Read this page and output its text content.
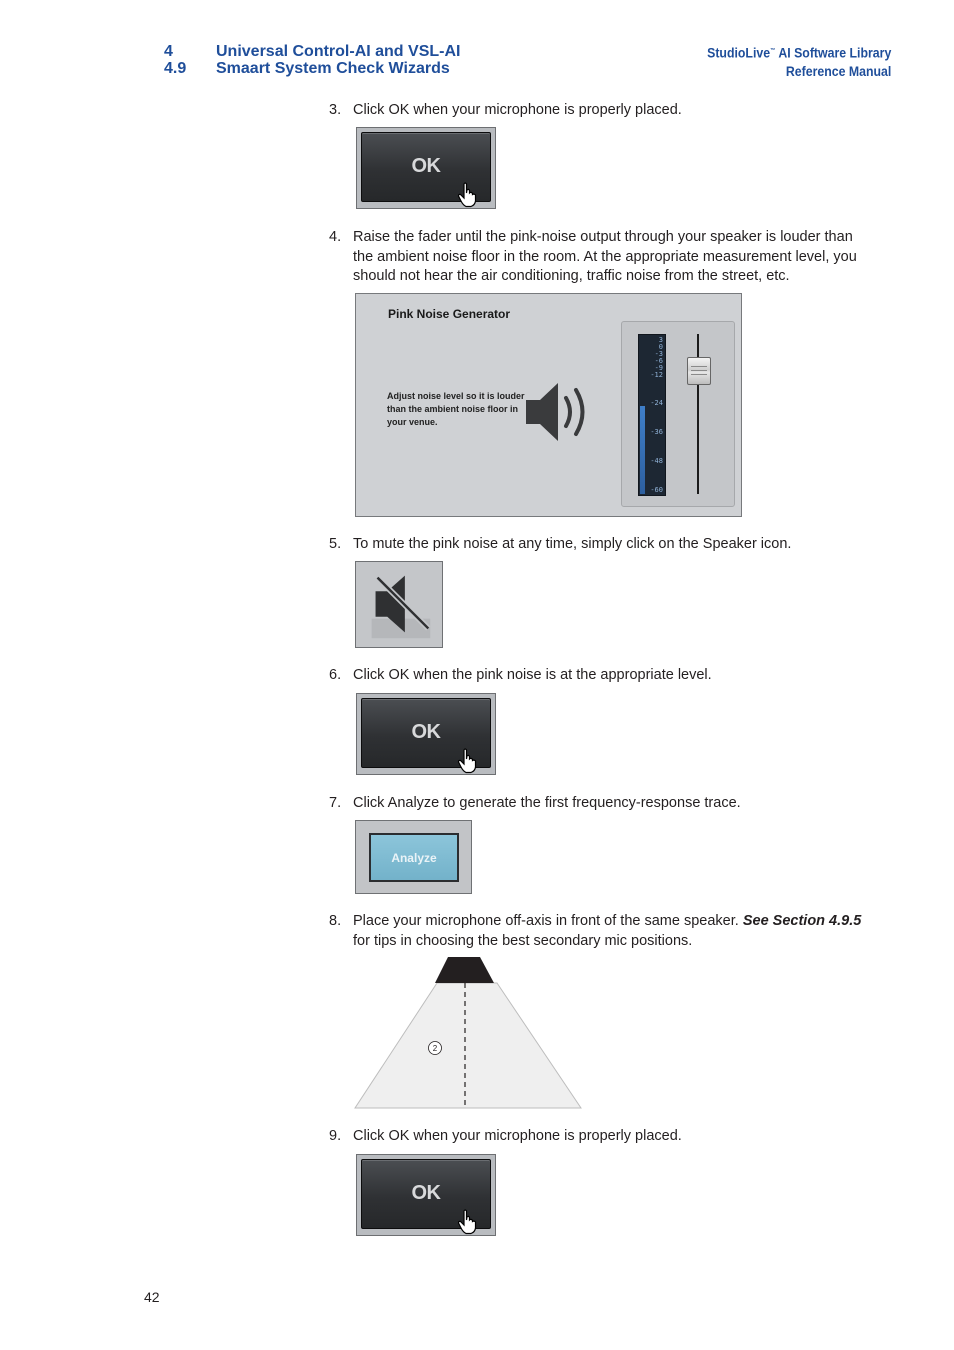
4	Universal Control-AI and VSL-AI
4.9 Smaart System Check Wizards
StudioLive™ AI Software Library
Reference Manual
3. Click OK when your microphone is properly placed.
OK
4. Raise the fader until the pink-noise output through your speaker is louder than the ambient noise floor in the room. At the appropriate measurement level, you should not hear the air conditioning, traffic noise from the street, etc.
Pink Noise Generator
Adjust noise level so it is louder than the ambient noise floor in your venue.
3
0
-3
-6
-9
-12
-24
-36
-48
-60
5. To mute the pink noise at any time, simply click on the Speaker icon.
6. Click OK when the pink noise is at the appropriate level.
OK
7. Click Analyze to generate the first frequency-response trace.
Analyze
8. Place your microphone off-axis in front of the same speaker. See Section 4.9.5 for tips in choosing the best secondary mic positions.
2
9. Click OK when your microphone is properly placed.
OK
42
